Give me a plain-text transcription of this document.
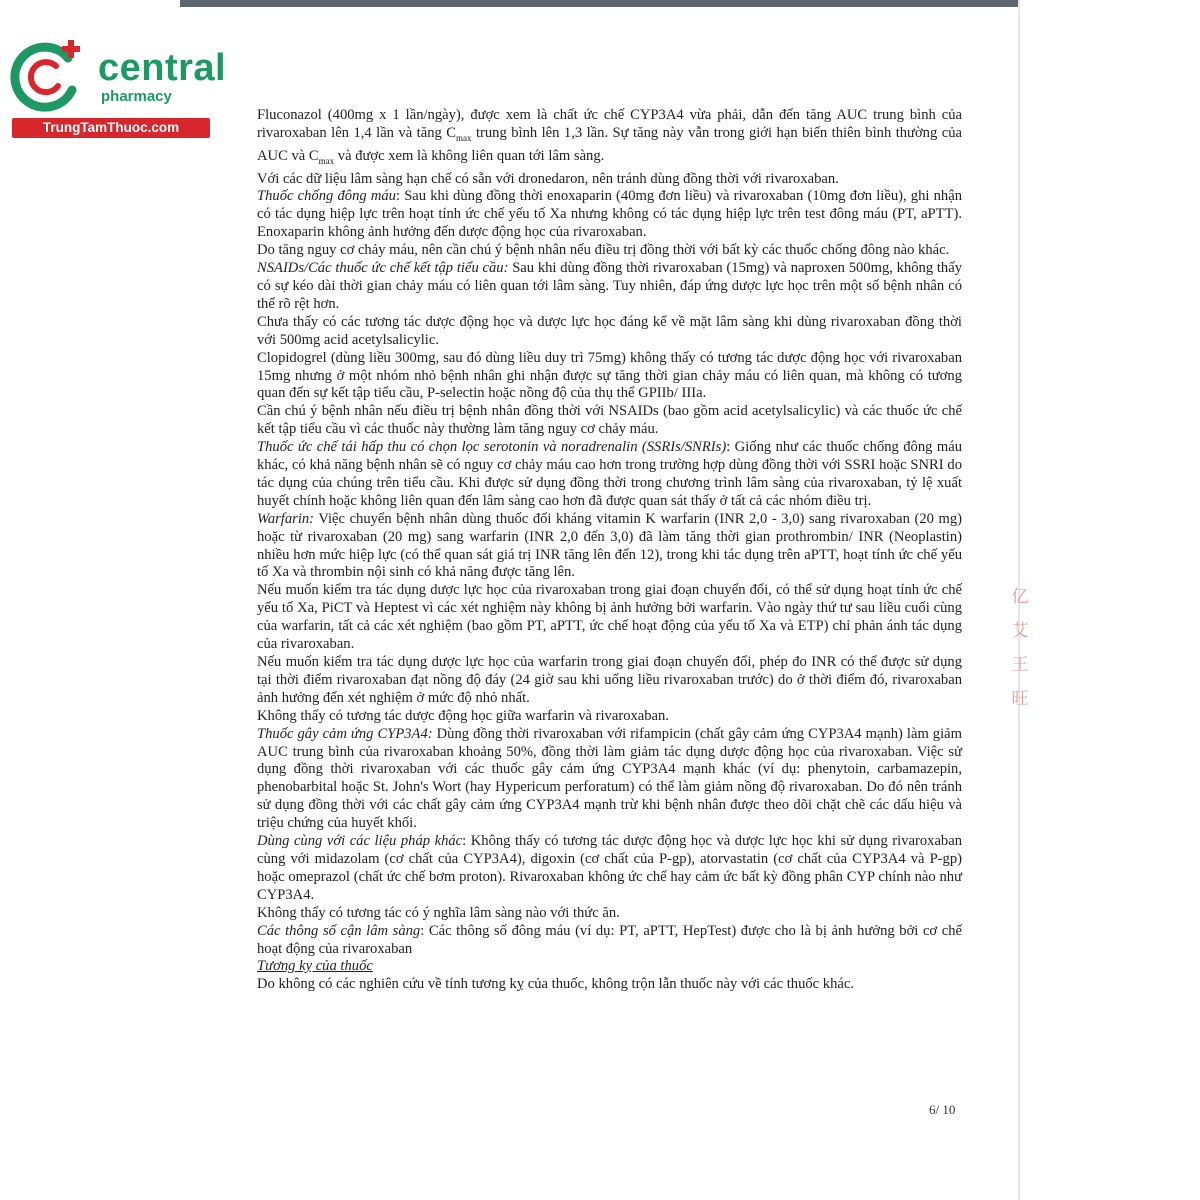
central
pharmacy
TrungTamThuoc.com
亿
艾
王
旺

Fluconazol (400mg x 1 lần/ngày), được xem là chất ức chế CYP3A4 vừa phải, dẫn đến tăng AUC trung bình của rivaroxaban lên 1,4 lần và tăng $C_{max}$ trung bình lên 1,3 lần. Sự tăng này vẫn trong giới hạn biến thiên bình thường của AUC và $C_{max}$ và được xem là không liên quan tới lâm sàng.

Với các dữ liệu lâm sàng hạn chế có sẵn với dronedaron, nên tránh dùng đồng thời với rivaroxaban.

Thuốc chống đông máu: Sau khi dùng đồng thời enoxaparin (40mg đơn liều) và rivaroxaban (10mg đơn liều), ghi nhận có tác dụng hiệp lực trên hoạt tính ức chế yếu tố Xa nhưng không có tác dụng hiệp lực trên test đông máu (PT, aPTT). Enoxaparin không ảnh hưởng đến dược động học của rivaroxaban.

Do tăng nguy cơ chảy máu, nên cần chú ý bệnh nhân nếu điều trị đồng thời với bất kỳ các thuốc chống đông nào khác.

NSAIDs/Các thuốc ức chế kết tập tiểu cầu: Sau khi dùng đồng thời rivaroxaban (15mg) và naproxen 500mg, không thấy có sự kéo dài thời gian chảy máu có liên quan tới lâm sàng. Tuy nhiên, đáp ứng dược lực học trên một số bệnh nhân có thể rõ rệt hơn.

Chưa thấy có các tương tác dược động học và dược lực học đáng kể về mặt lâm sàng khi dùng rivaroxaban đồng thời với 500mg acid acetylsalicylic.

Clopidogrel (dùng liều 300mg, sau đó dùng liều duy trì 75mg) không thấy có tương tác dược động học với rivaroxaban 15mg nhưng ở một nhóm nhỏ bệnh nhân ghi nhận được sự tăng thời gian chảy máu có liên quan, mà không có tương quan đến sự kết tập tiểu cầu, P-selectin hoặc nồng độ của thụ thể GPIIb/ IIIa.

Cần chú ý bệnh nhân nếu điều trị bệnh nhân đồng thời với NSAIDs (bao gồm acid acetylsalicylic) và các thuốc ức chế kết tập tiểu cầu vì các thuốc này thường làm tăng nguy cơ chảy máu.

Thuốc ức chế tái hấp thu có chọn lọc serotonin và noradrenalin (SSRIs/SNRIs): Giống như các thuốc chống đông máu khác, có khả năng bệnh nhân sẽ có nguy cơ chảy máu cao hơn trong trường hợp dùng đồng thời với SSRI hoặc SNRI do tác dụng của chúng trên tiểu cầu. Khi được sử dụng đồng thời trong chương trình lâm sàng của rivaroxaban, tỷ lệ xuất huyết chính hoặc không liên quan đến lâm sàng cao hơn đã được quan sát thấy ở tất cả các nhóm điều trị.

Warfarin: Việc chuyển bệnh nhân dùng thuốc đối kháng vitamin K warfarin (INR 2,0 - 3,0) sang rivaroxaban (20 mg) hoặc từ rivaroxaban (20 mg) sang warfarin (INR 2,0 đến 3,0) đã làm tăng thời gian prothrombin/ INR (Neoplastin) nhiều hơn mức hiệp lực (có thể quan sát giá trị INR tăng lên đến 12), trong khi tác dụng trên aPTT, hoạt tính ức chế yếu tố Xa và thrombin nội sinh có khả năng được tăng lên.

Nếu muốn kiểm tra tác dụng dược lực học của rivaroxaban trong giai đoạn chuyển đổi, có thể sử dụng hoạt tính ức chế yếu tố Xa, PiCT và Heptest vì các xét nghiệm này không bị ảnh hưởng bởi warfarin. Vào ngày thứ tư sau liều cuối cùng của warfarin, tất cả các xét nghiệm (bao gồm PT, aPTT, ức chế hoạt động của yếu tố Xa và ETP) chỉ phản ánh tác dụng của rivaroxaban.

Nếu muốn kiểm tra tác dụng dược lực học của warfarin trong giai đoạn chuyển đổi, phép đo INR có thể được sử dụng tại thời điểm rivaroxaban đạt nồng độ đáy (24 giờ sau khi uống liều rivaroxaban trước) do ở thời điểm đó, rivaroxaban ảnh hưởng đến xét nghiệm ở mức độ nhỏ nhất.

Không thấy có tương tác dược động học giữa warfarin và rivaroxaban.

Thuốc gây cảm ứng CYP3A4: Dùng đồng thời rivaroxaban với rifampicin (chất gây cảm ứng CYP3A4 mạnh) làm giảm AUC trung bình của rivaroxaban khoảng 50%, đồng thời làm giảm tác dụng dược động học của rivaroxaban. Việc sử dụng đồng thời rivaroxaban với các thuốc gây cảm ứng CYP3A4 mạnh khác (ví dụ: phenytoin, carbamazepin, phenobarbital hoặc St. John's Wort (hay Hypericum perforatum) có thể làm giảm nồng độ rivaroxaban. Do đó nên tránh sử dụng đồng thời với các chất gây cảm ứng CYP3A4 mạnh trừ khi bệnh nhân được theo dõi chặt chẽ các dấu hiệu và triệu chứng của huyết khối.

Dùng cùng với các liệu pháp khác: Không thấy có tương tác dược động học và dược lực học khi sử dụng rivaroxaban cùng với midazolam (cơ chất của CYP3A4), digoxin (cơ chất của P-gp), atorvastatin (cơ chất của CYP3A4 và P-gp) hoặc omeprazol (chất ức chế bơm proton). Rivaroxaban không ức chế hay cảm ức bất kỳ đồng phân CYP chính nào như CYP3A4.

Không thấy có tương tác có ý nghĩa lâm sàng nào với thức ăn.

Các thông số cận lâm sàng: Các thông số đông máu (ví dụ: PT, aPTT, HepTest) được cho là bị ảnh hưởng bởi cơ chế hoạt động của rivaroxaban

Tương kỵ của thuốc

Do không có các nghiên cứu về tính tương kỵ của thuốc, không trộn lẫn thuốc này với các thuốc khác.

6/ 10
